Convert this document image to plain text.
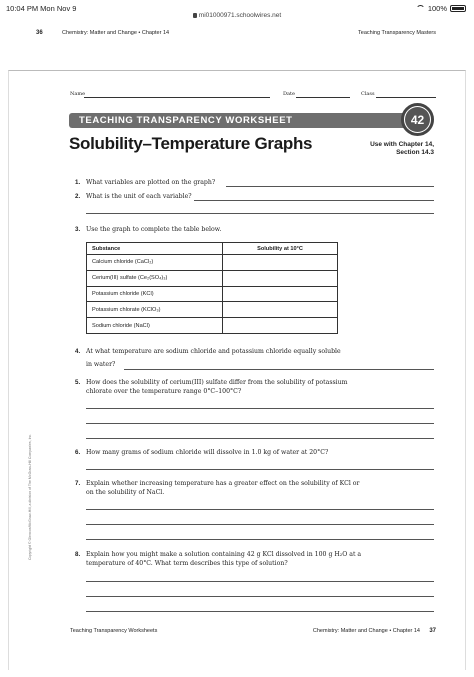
10:04 PM Mon Nov 9	100%
mi01000971.schoolwires.net
36	Chemistry: Matter and Change • Chapter 14	Teaching Transparency Masters
Name	Date	Class
TEACHING TRANSPARENCY WORKSHEET	42
Solubility–Temperature Graphs	Use with Chapter 14,
Section 14.3
1. What variables are plotted on the graph?
2. What is the unit of each variable?
3. Use the graph to complete the table below.
Substance	Solubility at 10°C
Calcium chloride (CaCl₂)	
Cerium(III) sulfate (Ce₂(SO₄)₃)	
Potassium chloride (KCl)	
Potassium chlorate (KClO₃)	
Sodium chloride (NaCl)	
4. At what temperature are sodium chloride and potassium chloride equally soluble
in water?
5. How does the solubility of cerium(III) sulfate differ from the solubility of potassium
chlorate over the temperature range 0°C–100°C?
6. How many grams of sodium chloride will dissolve in 1.0 kg of water at 20°C?
7. Explain whether increasing temperature has a greater effect on the solubility of KCl or
on the solubility of NaCl.
8. Explain how you might make a solution containing 42 g KCl dissolved in 100 g H₂O at a
temperature of 40°C. What term describes this type of solution?
Copyright © Glencoe/McGraw-Hill, a division of The McGraw-Hill Companies, Inc.
Teaching Transparency Worksheets	Chemistry: Matter and Change • Chapter 14 37
